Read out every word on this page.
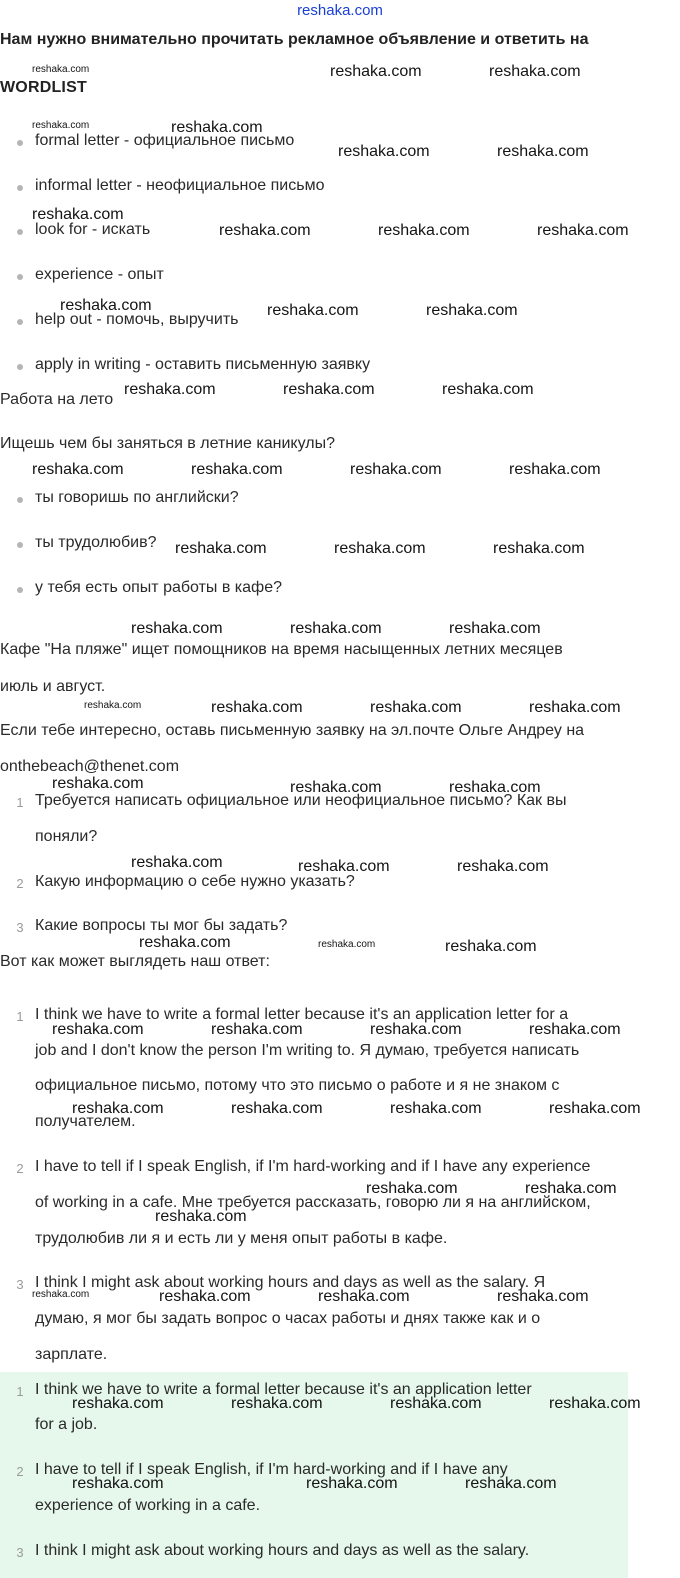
reshaka.com
Нам нужно внимательно прочитать рекламное объявление и ответить на
WORDLIST
formal letter - официальное письмо
informal letter - неофициальное письмо
look for - искать
experience - опыт
help out - помочь, выручить
apply in writing - оставить письменную заявку
Работа на лето
Ищешь чем бы заняться в летние каникулы?
ты говоришь по английски?
ты трудолюбив?
у тебя есть опыт работы в кафе?
Кафе "На пляже" ищет помощников на время насыщенных летних месяцев
июль и август.
Если тебе интересно, оставь письменную заявку на эл.почте Ольге Андреу на
onthebeach@thenet.com
1 Требуется написать официальное или неофициальное письмо? Как вы
поняли?
2 Какую информацию о себе нужно указать?
3 Какие вопросы ты мог бы задать?
Вот как может выглядеть наш ответ:
1 I think we have to write a formal letter because it's an application letter for a
job and I don't know the person I'm writing to. Я думаю, требуется написать
официальное письмо, потому что это письмо о работе и я не знаком с
получателем.
2 I have to tell if I speak English, if I'm hard-working and if I have any experience
of working in a cafe. Мне требуется рассказать, говорю ли я на английском,
трудолюбив ли я и есть ли у меня опыт работы в кафе.
3 I think I might ask about working hours and days as well as the salary. Я
думаю, я мог бы задать вопрос о часах работы и днях также как и о
зарплате.
1 I think we have to write a formal letter because it's an application letter
for a job.
2 I have to tell if I speak English, if I'm hard-working and if I have any
experience of working in a cafe.
3 I think I might ask about working hours and days as well as the salary.
reshaka.com	reshaka.com	reshaka.com
reshaka.com	reshaka.com
reshaka.com	reshaka.com
reshaka.com
reshaka.com	reshaka.com	reshaka.com
reshaka.com	reshaka.com	reshaka.com
reshaka.com	reshaka.com	reshaka.com
reshaka.com	reshaka.com	reshaka.com	reshaka.com
reshaka.com	reshaka.com	reshaka.com
reshaka.com	reshaka.com	reshaka.com
reshaka.com	reshaka.com	reshaka.com	reshaka.com
reshaka.com	reshaka.com	reshaka.com
reshaka.com	reshaka.com	reshaka.com
reshaka.com	reshaka.com	reshaka.com
reshaka.com	reshaka.com	reshaka.com	reshaka.com
reshaka.com	reshaka.com	reshaka.com	reshaka.com
reshaka.com	reshaka.com
reshaka.com
reshaka.com	reshaka.com	reshaka.com	reshaka.com
reshaka.com	reshaka.com	reshaka.com	reshaka.com
reshaka.com	reshaka.com	reshaka.com
